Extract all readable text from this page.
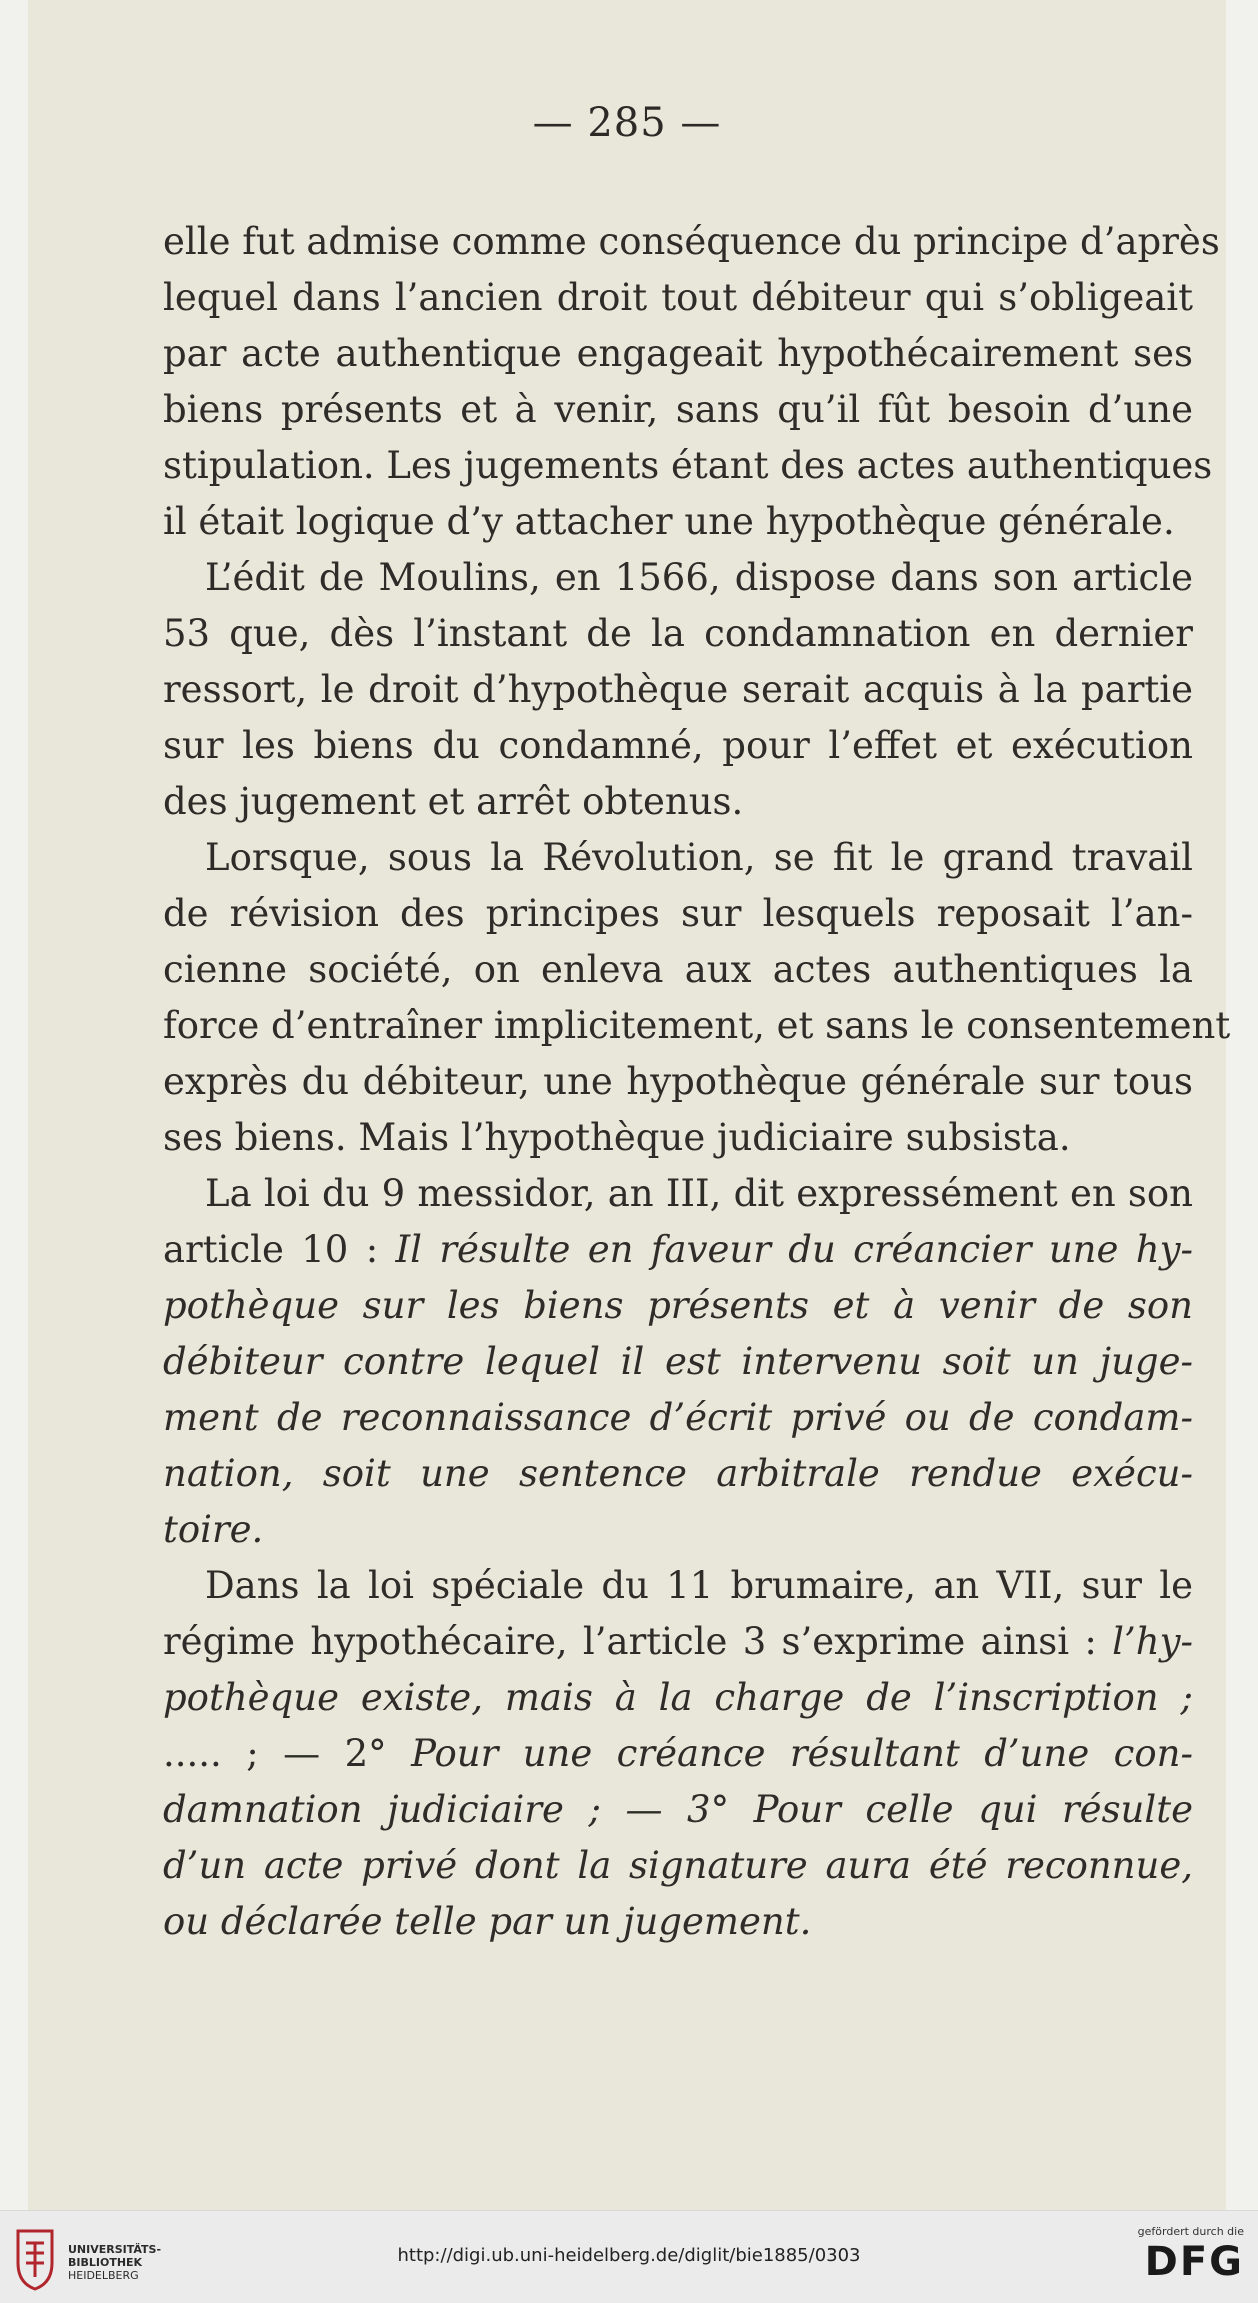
— 285 —
elle fut admise comme conséquence du principe d’après
lequel dans l’ancien droit tout débiteur qui s’obligeait
par acte authentique engageait hypothécairement ses
biens présents et à venir, sans qu’il fût besoin d’une
stipulation. Les jugements étant des actes authentiques
il était logique d’y attacher une hypothèque générale.
L’édit de Moulins, en 1566, dispose dans son article
53 que, dès l’instant de la condamnation en dernier
ressort, le droit d’hypothèque serait acquis à la partie
sur les biens du condamné, pour l’effet et exécution
des jugement et arrêt obtenus.
Lorsque, sous la Révolution, se fit le grand travail
de révision des principes sur lesquels reposait l’an-
cienne société, on enleva aux actes authentiques la
force d’entraîner implicitement, et sans le consentement
exprès du débiteur, une hypothèque générale sur tous
ses biens. Mais l’hypothèque judiciaire subsista.
La loi du 9 messidor, an III, dit expressément en son
article 10 : Il résulte en faveur du créancier une hy-
pothèque sur les biens présents et à venir de son
débiteur contre lequel il est intervenu soit un juge-
ment de reconnaissance d’écrit privé ou de condam-
nation, soit une sentence arbitrale rendue exécu-
toire.
Dans la loi spéciale du 11 brumaire, an VII, sur le
régime hypothécaire, l’article 3 s’exprime ainsi : l’hy-
pothèque existe, mais à la charge de l’inscription ;
..... ; — 2° Pour une créance résultant d’une con-
damnation judiciaire ; — 3° Pour celle qui résulte
d’un acte privé dont la signature aura été reconnue,
ou déclarée telle par un jugement.
UNIVERSITÄTS-
BIBLIOTHEK
HEIDELBERG
http://digi.ub.uni-heidelberg.de/diglit/bie1885/0303
gefördert durch die
DFG
